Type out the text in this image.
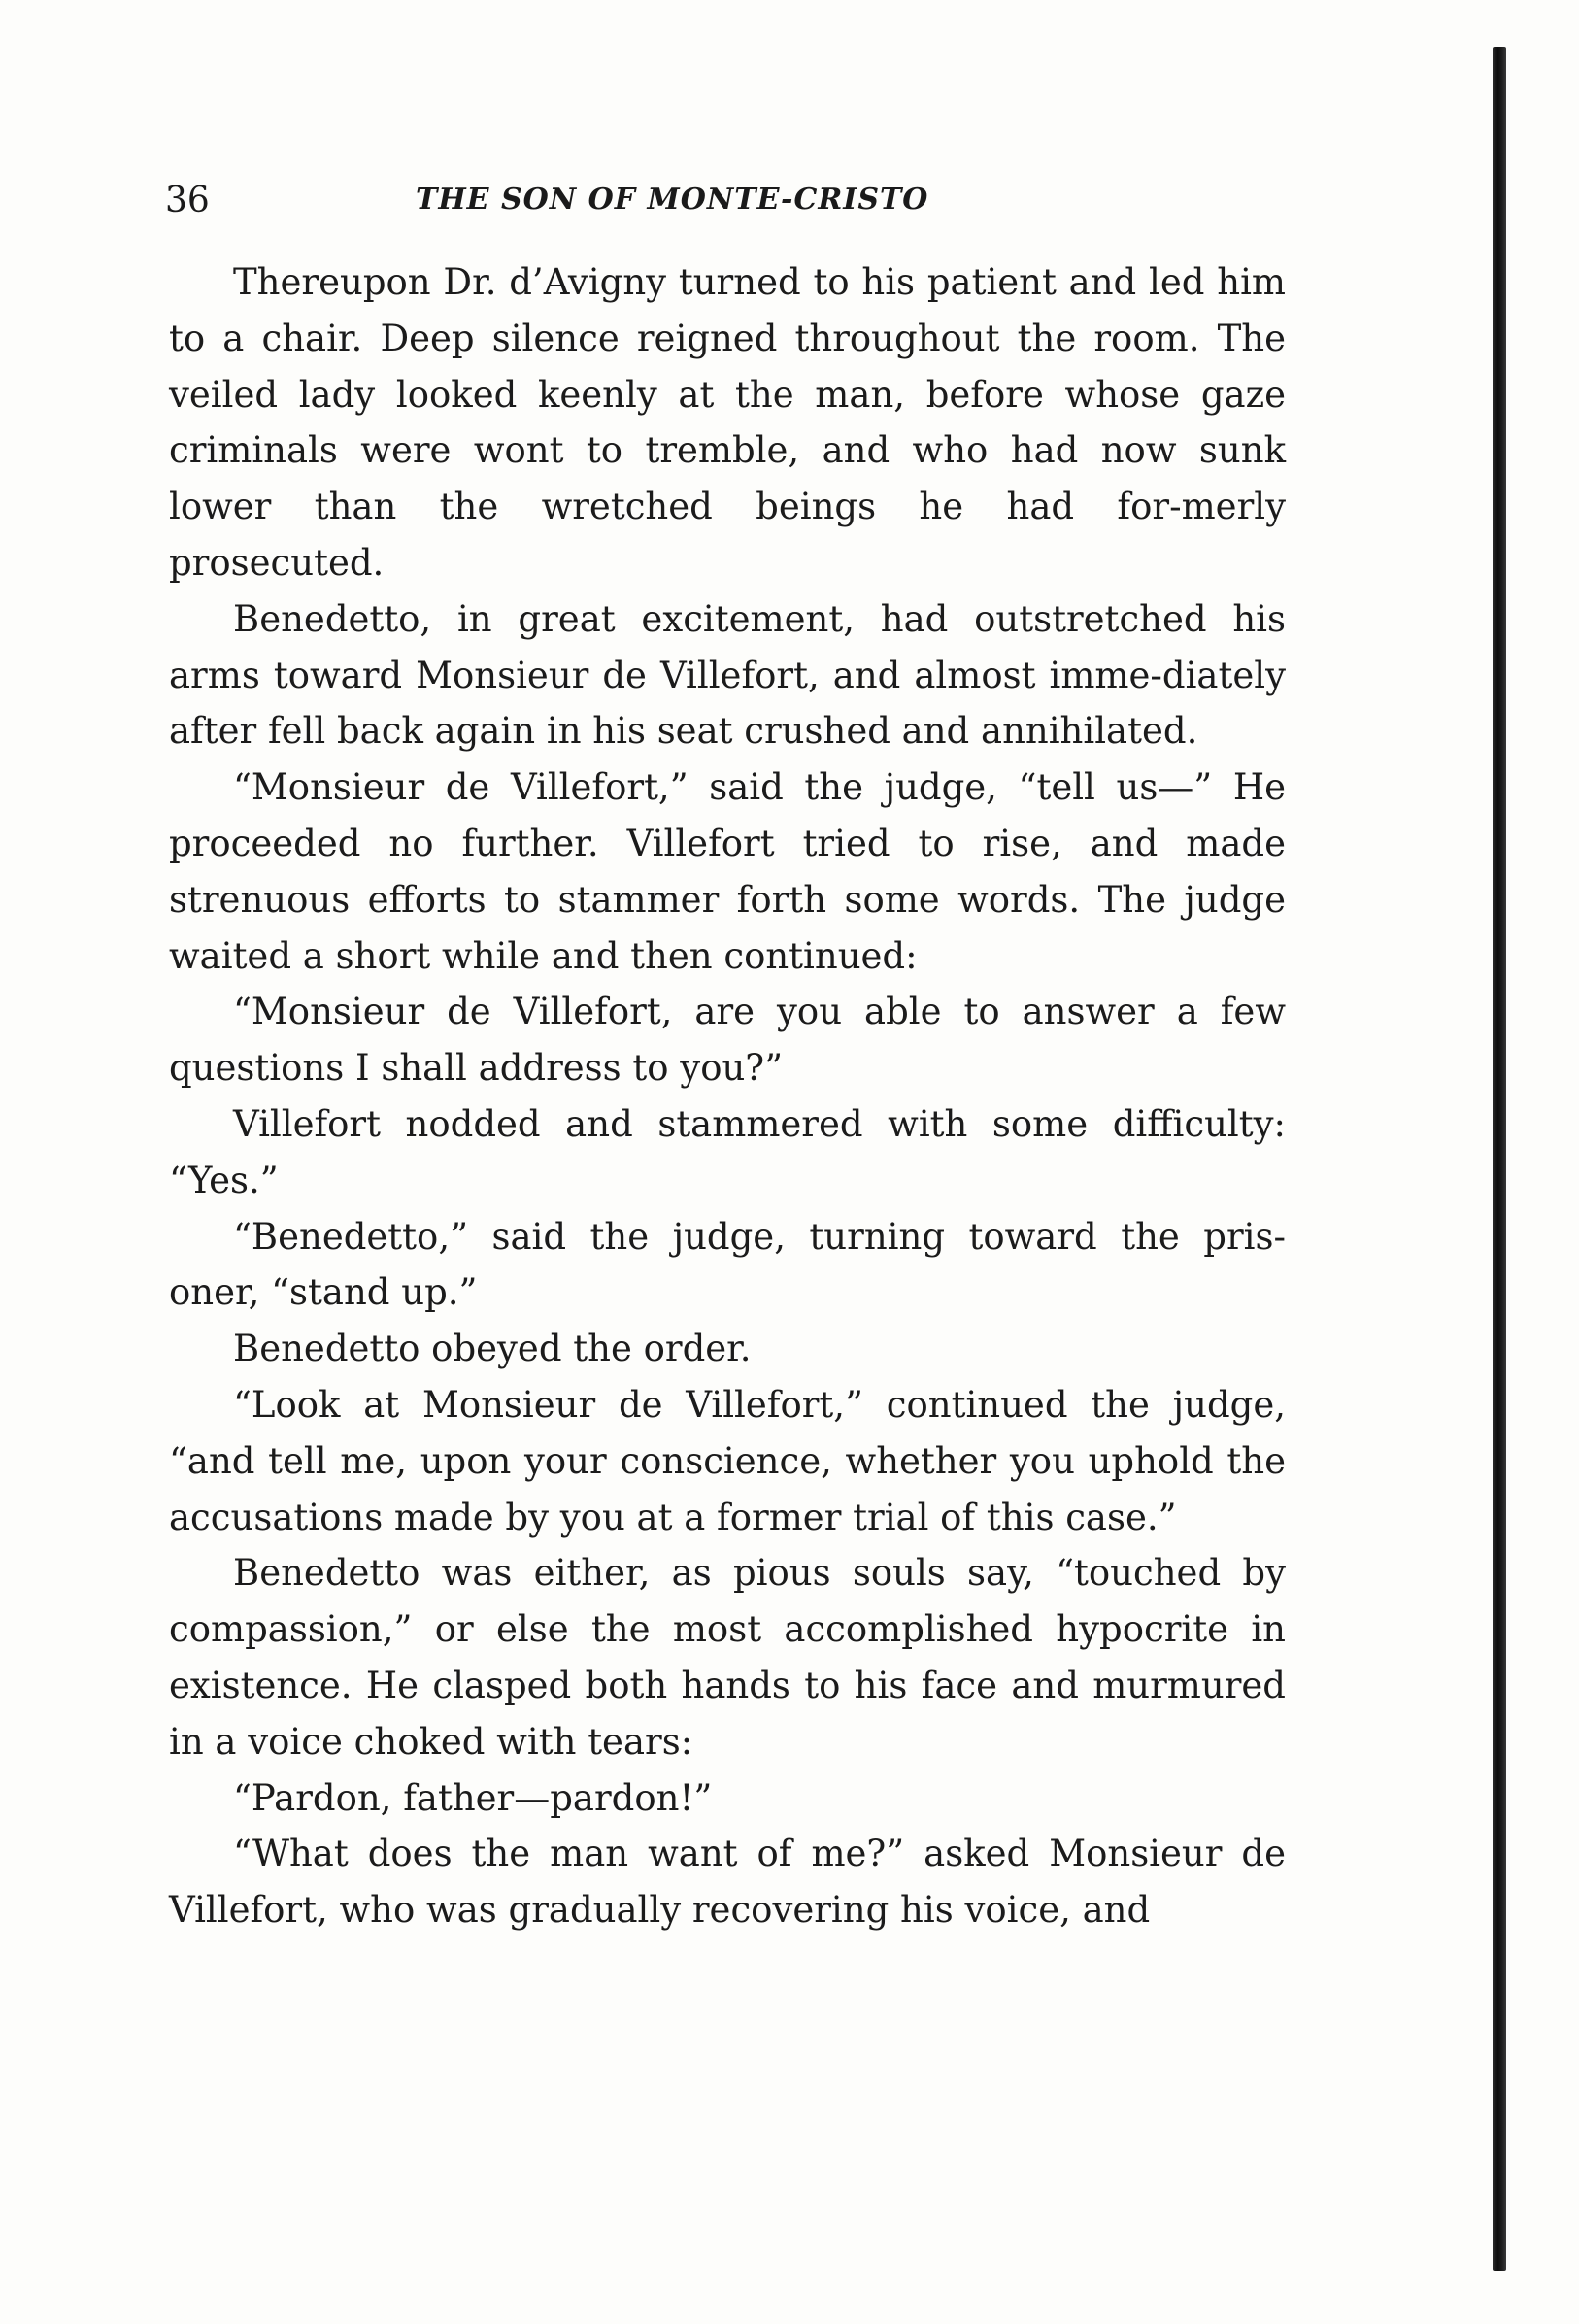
36	THE SON OF MONTE-CRISTO

Thereupon Dr. d’Avigny turned to his patient and led him to a chair. Deep silence reigned throughout the room. The veiled lady looked keenly at the man, before whose gaze criminals were wont to tremble, and who had now sunk lower than the wretched beings he had for-merly prosecuted.

Benedetto, in great excitement, had outstretched his arms toward Monsieur de Villefort, and almost imme-diately after fell back again in his seat crushed and annihilated.

“Monsieur de Villefort,” said the judge, “tell us—” He proceeded no further. Villefort tried to rise, and made strenuous efforts to stammer forth some words. The judge waited a short while and then continued:

“Monsieur de Villefort, are you able to answer a few questions I shall address to you?”

Villefort nodded and stammered with some difficulty: “Yes.”

“Benedetto,” said the judge, turning toward the pris-oner, “stand up.”

Benedetto obeyed the order.

“Look at Monsieur de Villefort,” continued the judge, “and tell me, upon your conscience, whether you uphold the accusations made by you at a former trial of this case.”

Benedetto was either, as pious souls say, “touched by compassion,” or else the most accomplished hypocrite in existence. He clasped both hands to his face and murmured in a voice choked with tears:

“Pardon, father—pardon!”

“What does the man want of me?” asked Monsieur de Villefort, who was gradually recovering his voice, and
